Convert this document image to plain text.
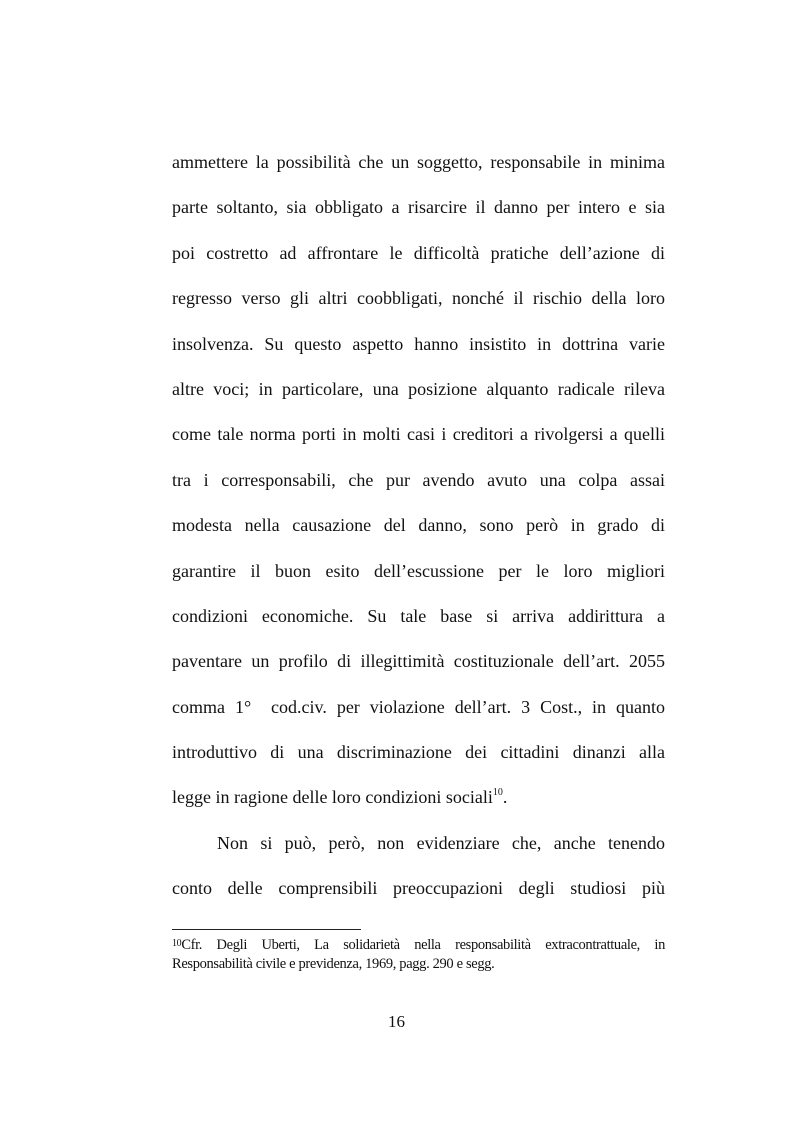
ammettere la possibilità che un soggetto, responsabile in minima
parte soltanto, sia obbligato a risarcire il danno per intero e sia
poi costretto ad affrontare le difficoltà pratiche dell’azione di
regresso verso gli altri coobbligati, nonché il rischio della loro
insolvenza. Su questo aspetto hanno insistito in dottrina varie
altre voci; in particolare, una posizione alquanto radicale rileva
come tale norma porti in molti casi i creditori a rivolgersi a quelli
tra i corresponsabili, che pur avendo avuto una colpa assai
modesta nella causazione del danno, sono però in grado di
garantire il buon esito dell’escussione per le loro migliori
condizioni economiche. Su tale base si arriva addirittura a
paventare un profilo di illegittimità costituzionale dell’art. 2055
comma 1°  cod.civ. per violazione dell’art. 3 Cost., in quanto
introduttivo di una discriminazione dei cittadini dinanzi alla
legge in ragione delle loro condizioni sociali$^{10}$.
Non si può, però, non evidenziare che, anche tenendo
conto delle comprensibili preoccupazioni degli studiosi più
$^{10}$Cfr. Degli Uberti, La solidarietà nella responsabilità extracontrattuale, in
Responsabilità civile e previdenza, 1969, pagg. 290 e segg.
16
